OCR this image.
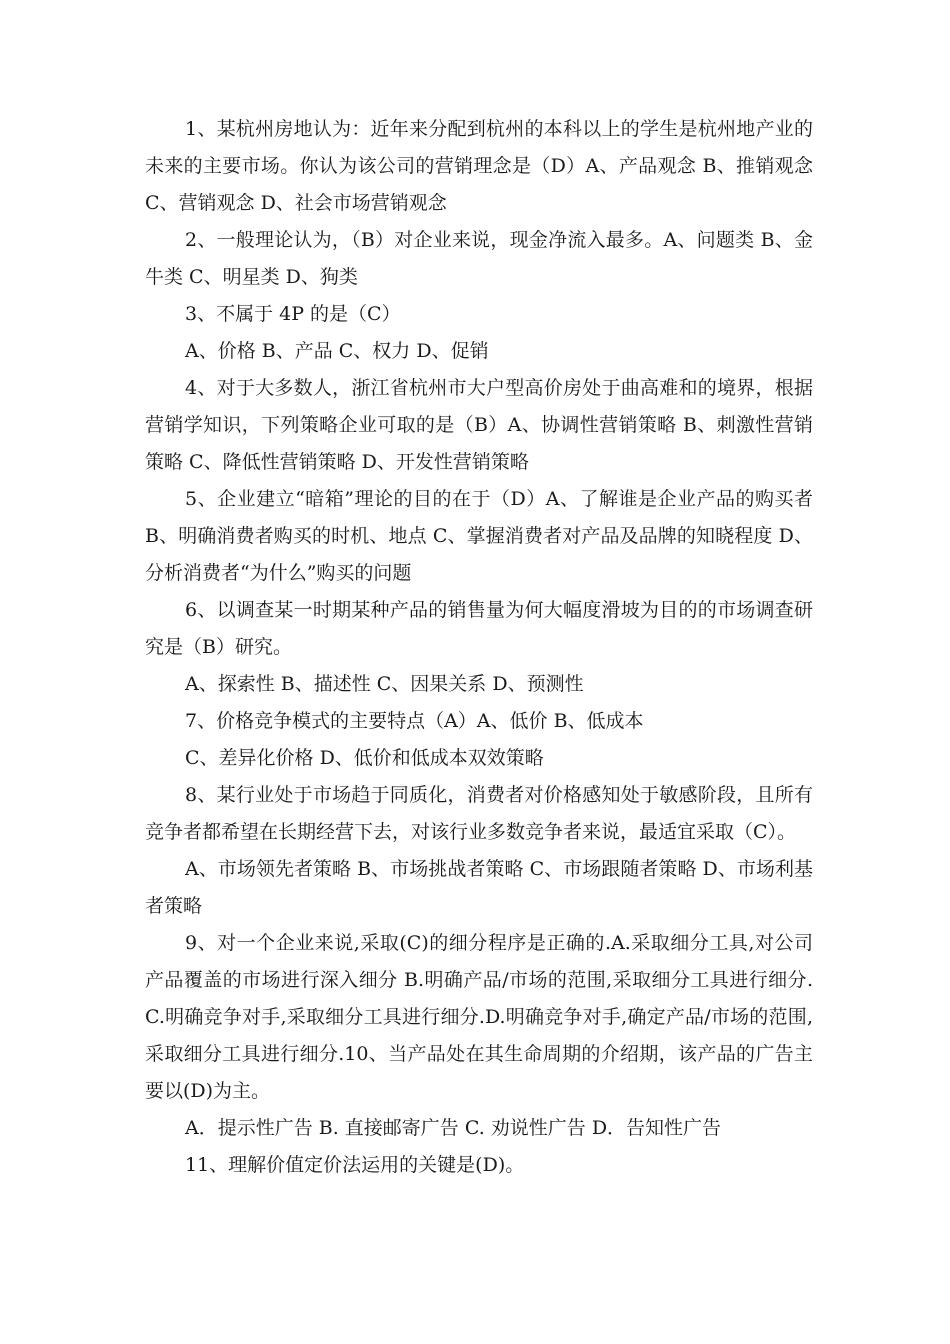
1、某杭州房地认为：近年来分配到杭州的本科以上的学生是杭州地产业的未来的主要市场。你认为该公司的营销理念是（D）A、产品观念 B、推销观念 C、营销观念 D、社会市场营销观念

2、一般理论认为，（B）对企业来说，现金净流入最多。A、问题类 B、金牛类 C、明星类 D、狗类

3、不属于 4P 的是（C）

A、价格 B、产品 C、权力 D、促销

4、对于大多数人，浙江省杭州市大户型高价房处于曲高难和的境界，根据营销学知识，下列策略企业可取的是（B）A、协调性营销策略 B、刺激性营销策略 C、降低性营销策略 D、开发性营销策略

5、企业建立“暗箱”理论的目的在于（D）A、了解谁是企业产品的购买者 B、明确消费者购买的时机、地点 C、掌握消费者对产品及品牌的知晓程度 D、分析消费者“为什么”购买的问题

6、以调查某一时期某种产品的销售量为何大幅度滑坡为目的的市场调查研究是（B）研究。

A、探索性 B、描述性 C、因果关系 D、预测性

7、价格竞争模式的主要特点（A）A、低价 B、低成本

C、差异化价格 D、低价和低成本双效策略

8、某行业处于市场趋于同质化，消费者对价格感知处于敏感阶段，且所有竞争者都希望在长期经营下去，对该行业多数竞争者来说，最适宜采取（C）。

A、市场领先者策略 B、市场挑战者策略 C、市场跟随者策略 D、市场利基者策略

9、对一个企业来说,采取(C)的细分程序是正确的.A.采取细分工具,对公司产品覆盖的市场进行深入细分 B.明确产品/市场的范围,采取细分工具进行细分.C.明确竞争对手,采取细分工具进行细分.D.明确竞争对手,确定产品/市场的范围,采取细分工具进行细分.10、当产品处在其生命周期的介绍期，该产品的广告主要以(D)为主。

A．提示性广告 B. 直接邮寄广告 C. 劝说性广告 D．告知性广告

11、理解价值定价法运用的关键是(D)。
